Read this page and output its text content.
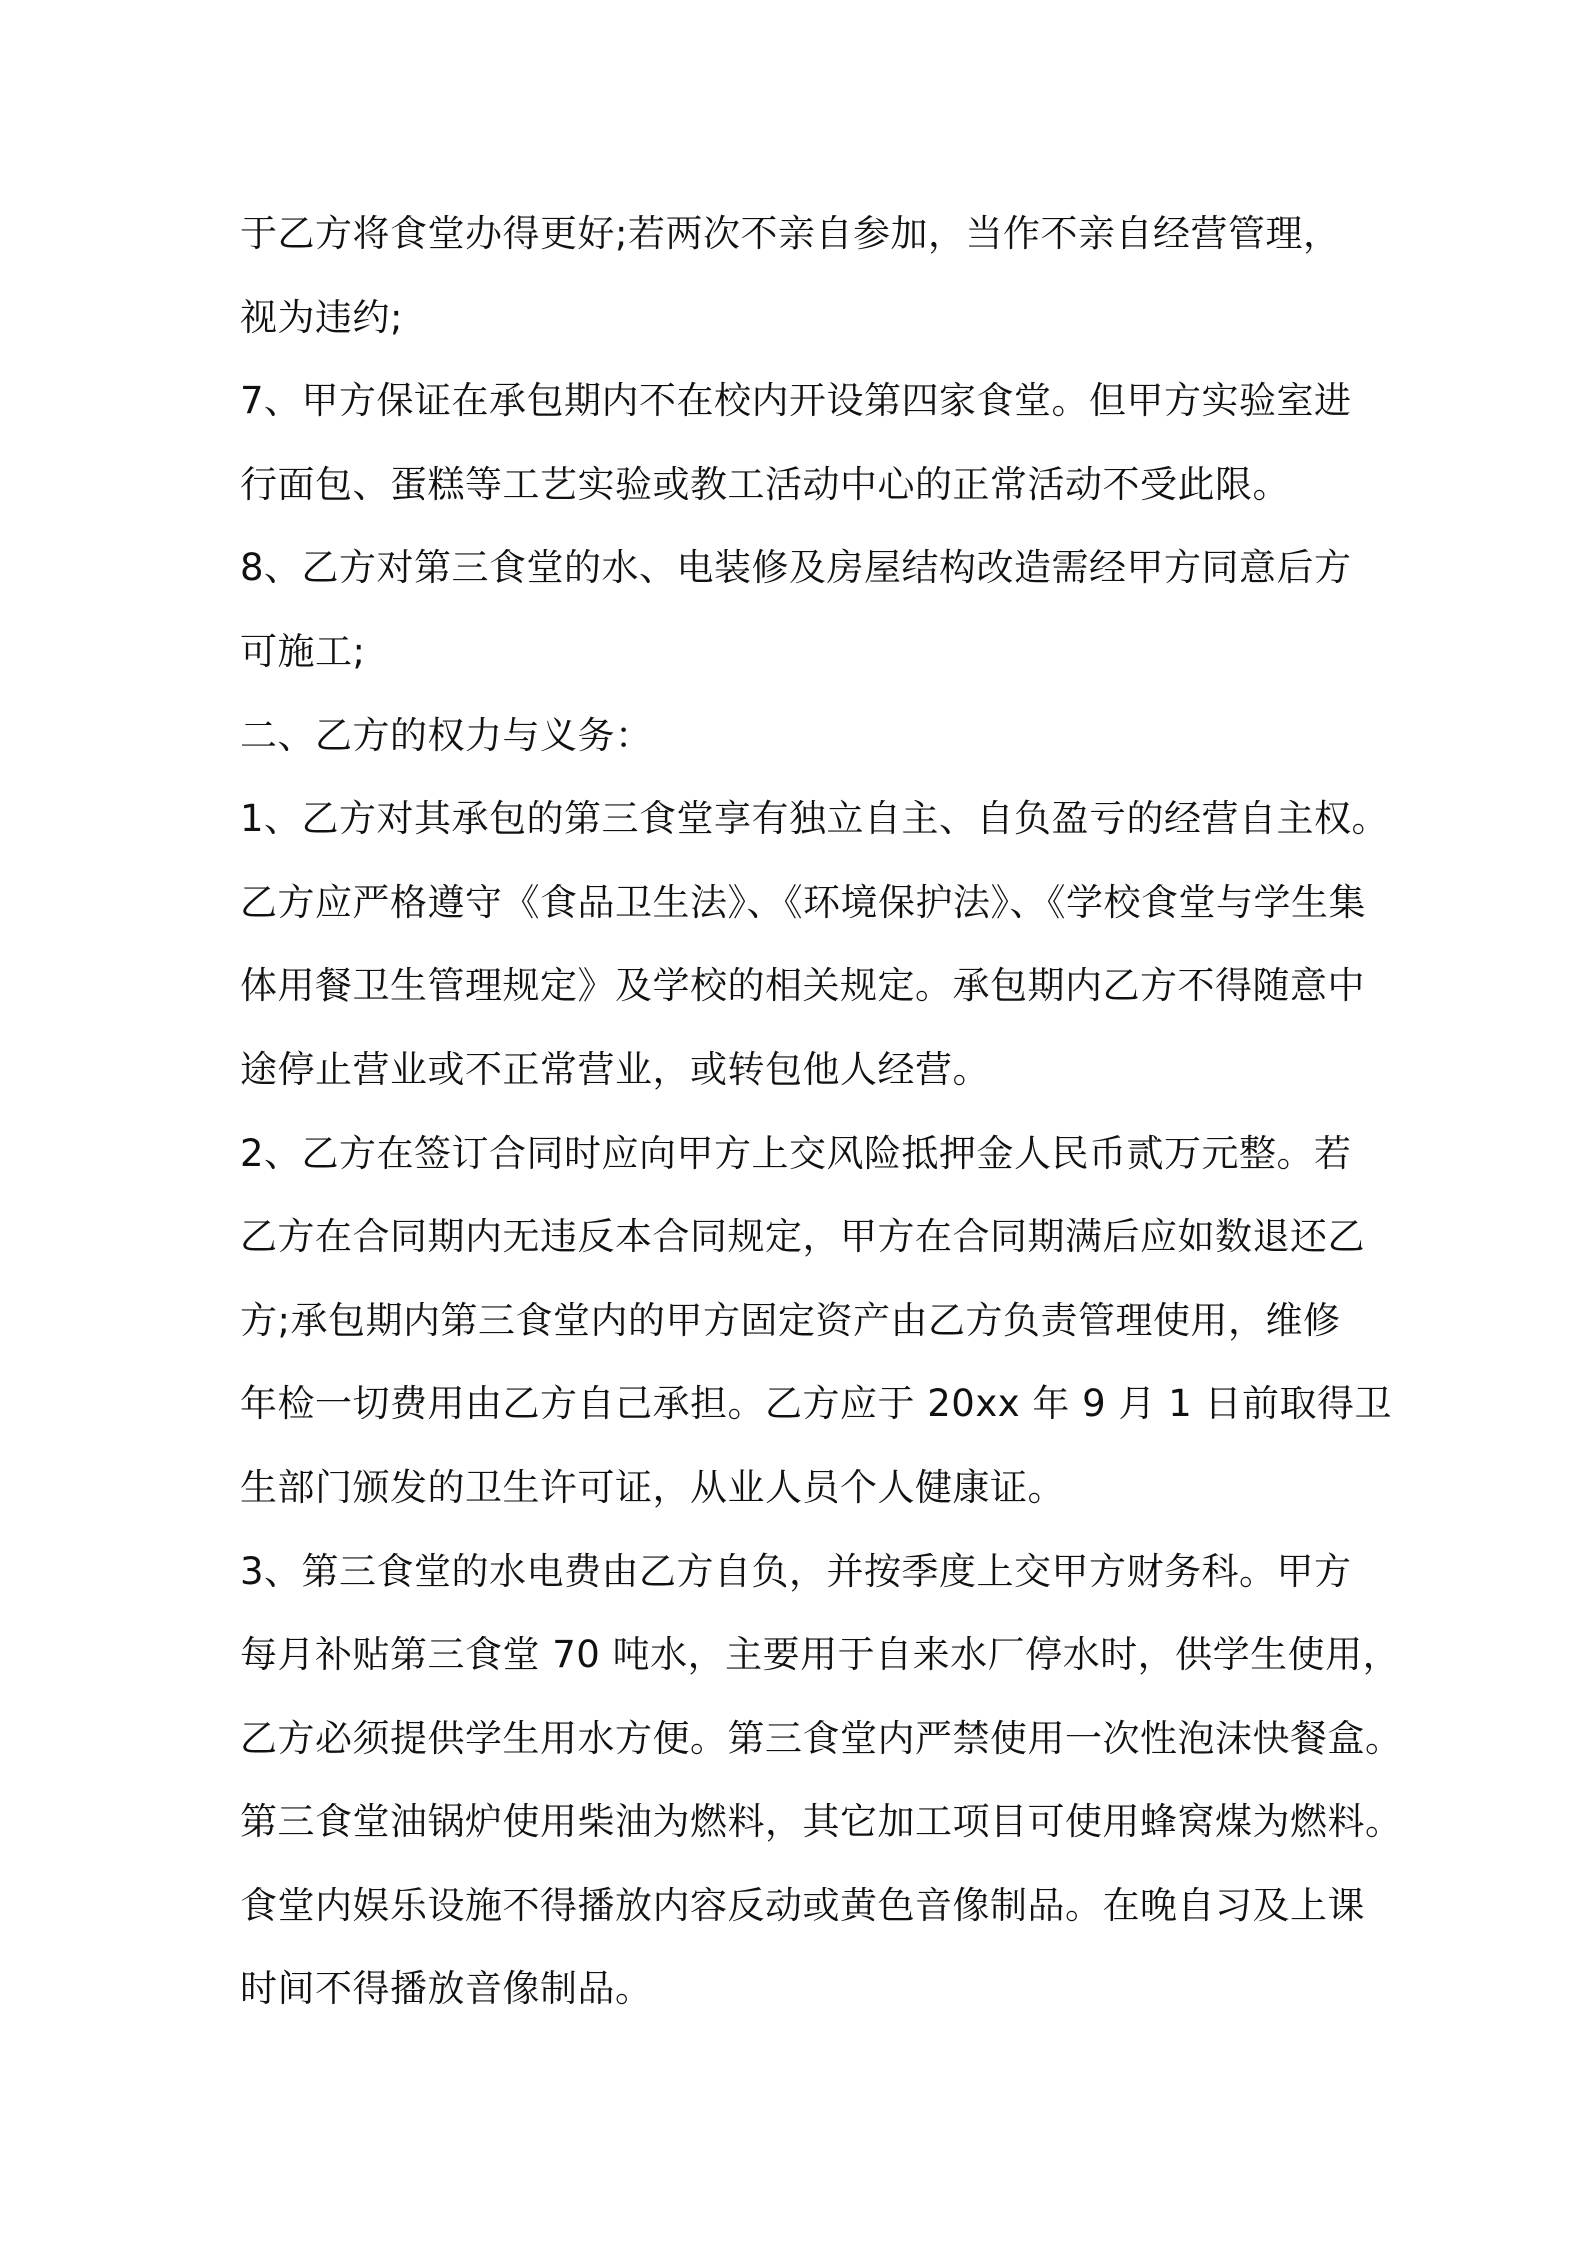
于乙方将食堂办得更好;若两次不亲自参加，当作不亲自经营管理，
视为违约;
7、甲方保证在承包期内不在校内开设第四家食堂。但甲方实验室进
行面包、蛋糕等工艺实验或教工活动中心的正常活动不受此限。
8、乙方对第三食堂的水、电装修及房屋结构改造需经甲方同意后方
可施工;
二、乙方的权力与义务：
1、乙方对其承包的第三食堂享有独立自主、自负盈亏的经营自主权。
乙方应严格遵守《食品卫生法》、《环境保护法》、《学校食堂与学生集
体用餐卫生管理规定》及学校的相关规定。承包期内乙方不得随意中
途停止营业或不正常营业，或转包他人经营。
2、乙方在签订合同时应向甲方上交风险抵押金人民币贰万元整。若
乙方在合同期内无违反本合同规定，甲方在合同期满后应如数退还乙
方;承包期内第三食堂内的甲方固定资产由乙方负责管理使用，维修
年检一切费用由乙方自己承担。乙方应于 20xx 年 9 月 1 日前取得卫
生部门颁发的卫生许可证，从业人员个人健康证。
3、第三食堂的水电费由乙方自负，并按季度上交甲方财务科。甲方
每月补贴第三食堂 70 吨水，主要用于自来水厂停水时，供学生使用，
乙方必须提供学生用水方便。第三食堂内严禁使用一次性泡沫快餐盒。
第三食堂油锅炉使用柴油为燃料，其它加工项目可使用蜂窝煤为燃料。
食堂内娱乐设施不得播放内容反动或黄色音像制品。在晚自习及上课
时间不得播放音像制品。
